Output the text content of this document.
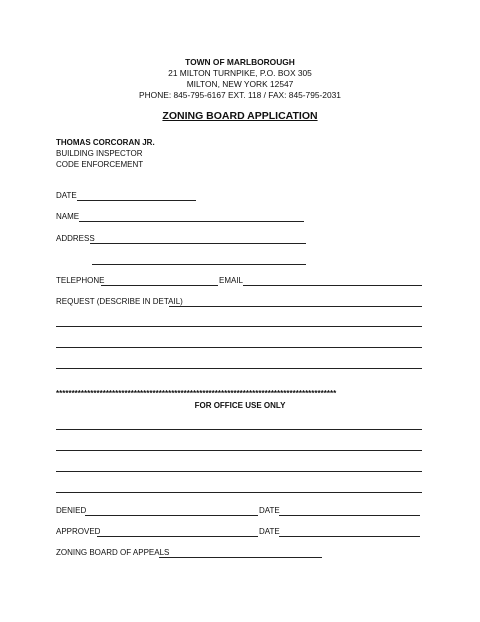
TOWN OF MARLBOROUGH
21 MILTON TURNPIKE, P.O. BOX 305
MILTON, NEW YORK 12547
PHONE: 845-795-6167 EXT. 118 / FAX: 845-795-2031
ZONING BOARD APPLICATION
THOMAS CORCORAN JR.
BUILDING INSPECTOR
CODE ENFORCEMENT
DATE
NAME
ADDRESS
TELEPHONE	EMAIL
REQUEST (DESCRIBE IN DETAIL)
******************************************************************************************
FOR OFFICE USE ONLY
DENIED	DATE
APPROVED	DATE
ZONING BOARD OF APPEALS
